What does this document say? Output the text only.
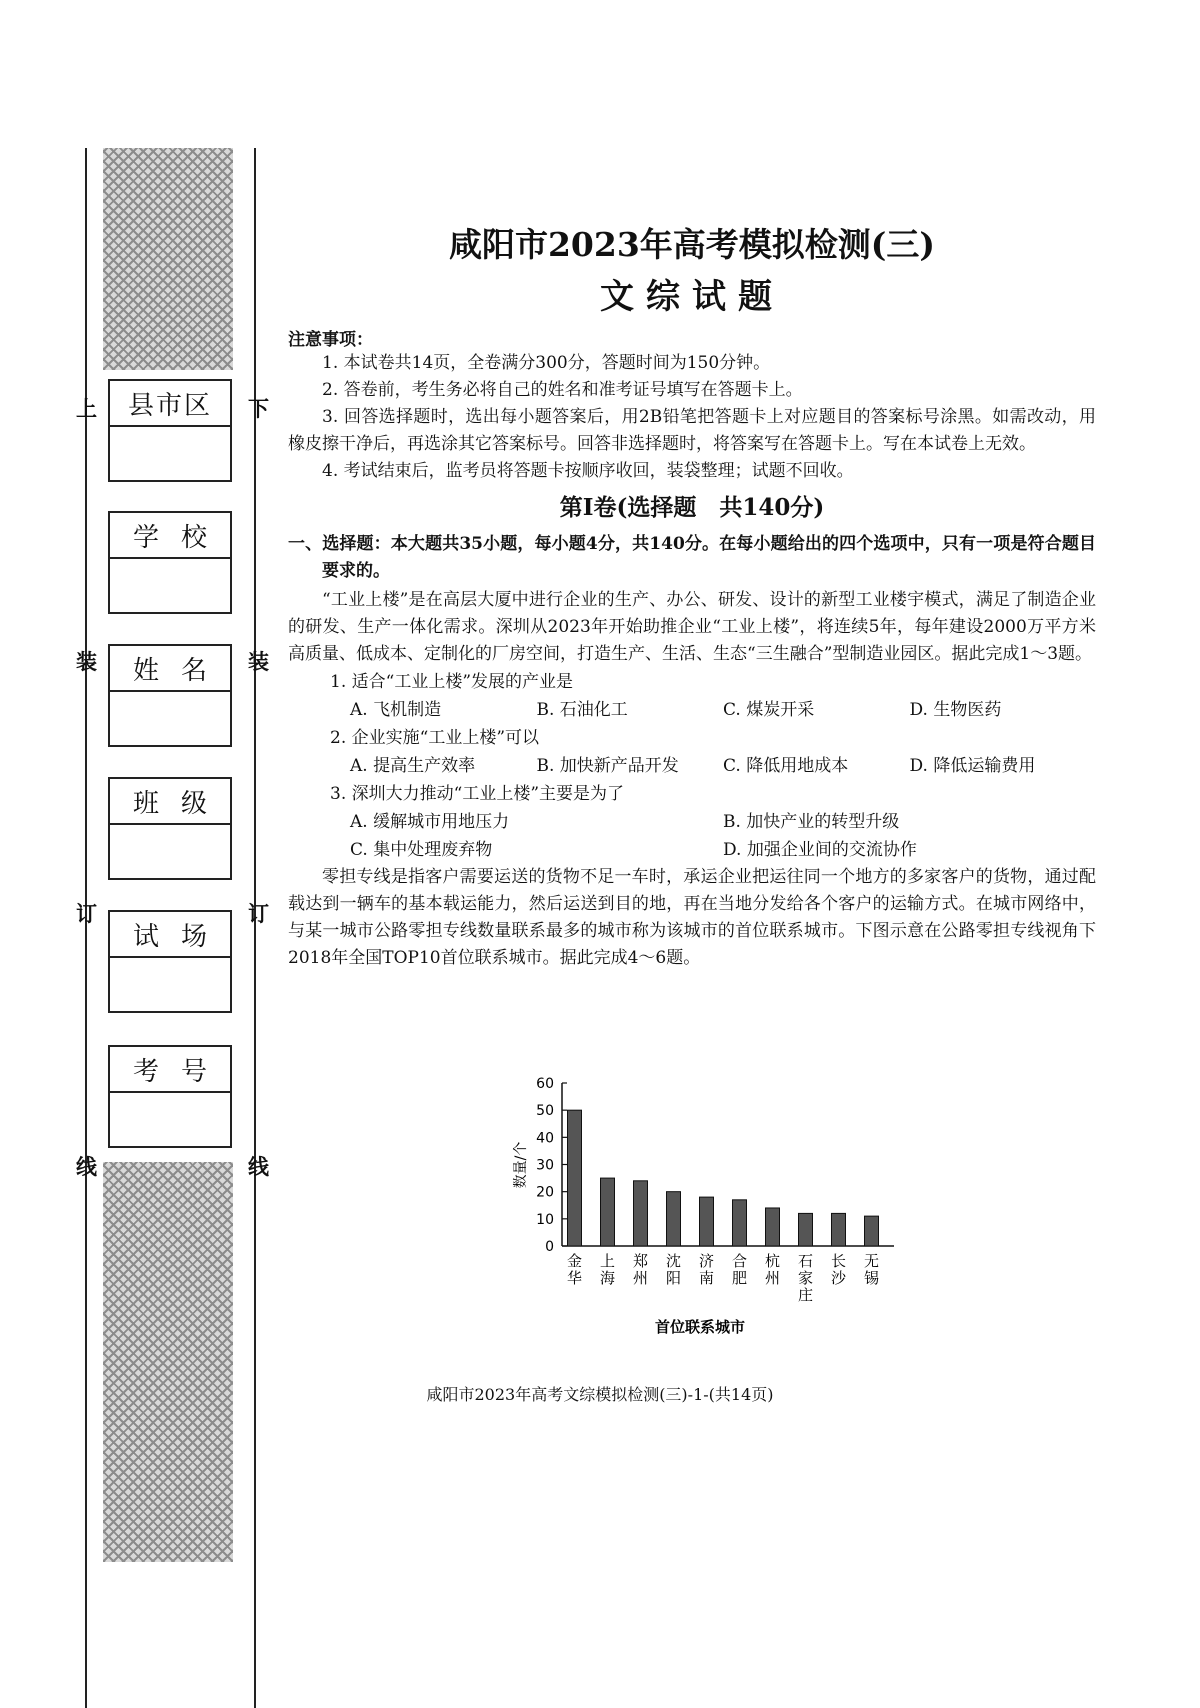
上	下
装	装
订	订
线	线
县市区
学校
姓名
班级
试场
考号
咸阳市2023年高考模拟检测(三)
文综试题
注意事项：

1. 本试卷共14页，全卷满分300分，答题时间为150分钟。

2. 答卷前，考生务必将自己的姓名和准考证号填写在答题卡上。

3. 回答选择题时，选出每小题答案后，用2B铅笔把答题卡上对应题目的答案标号涂黑。如需改动，用橡皮擦干净后，再选涂其它答案标号。回答非选择题时，将答案写在答题卡上。写在本试卷上无效。

4. 考试结束后，监考员将答题卡按顺序收回，装袋整理；试题不回收。

第Ⅰ卷(选择题　共140分)

一、选择题：本大题共35小题，每小题4分，共140分。在每小题给出的四个选项中，只有一项是符合题目要求的。

“工业上楼”是在高层大厦中进行企业的生产、办公、研发、设计的新型工业楼宇模式，满足了制造企业的研发、生产一体化需求。深圳从2023年开始助推企业“工业上楼”，将连续5年，每年建设2000万平方米高质量、低成本、定制化的厂房空间，打造生产、生活、生态“三生融合”型制造业园区。据此完成1～3题。

1. 适合“工业上楼”发展的产业是

A. 飞机制造	B. 石油化工	C. 煤炭开采	D. 生物医药

2. 企业实施“工业上楼”可以

A. 提高生产效率	B. 加快新产品开发	C. 降低用地成本	D. 降低运输费用

3. 深圳大力推动“工业上楼”主要是为了

A. 缓解城市用地压力	B. 加快产业的转型升级
C. 集中处理废弃物	D. 加强企业间的交流协作

零担专线是指客户需要运送的货物不足一车时，承运企业把运往同一个地方的多家客户的货物，通过配载达到一辆车的基本载运能力，然后运送到目的地，再在当地分发给各个客户的运输方式。在城市网络中，与某一城市公路零担专线数量联系最多的城市称为该城市的首位联系城市。下图示意在公路零担专线视角下2018年全国TOP10首位联系城市。据此完成4～6题。

数量/个
首位联系城市
0
10
20
30
40
50
60
金华
上海
郑州
沈阳
济南
合肥
杭州
石家庄
长沙
无锡
咸阳市2023年高考文综模拟检测(三)-1-(共14页)
